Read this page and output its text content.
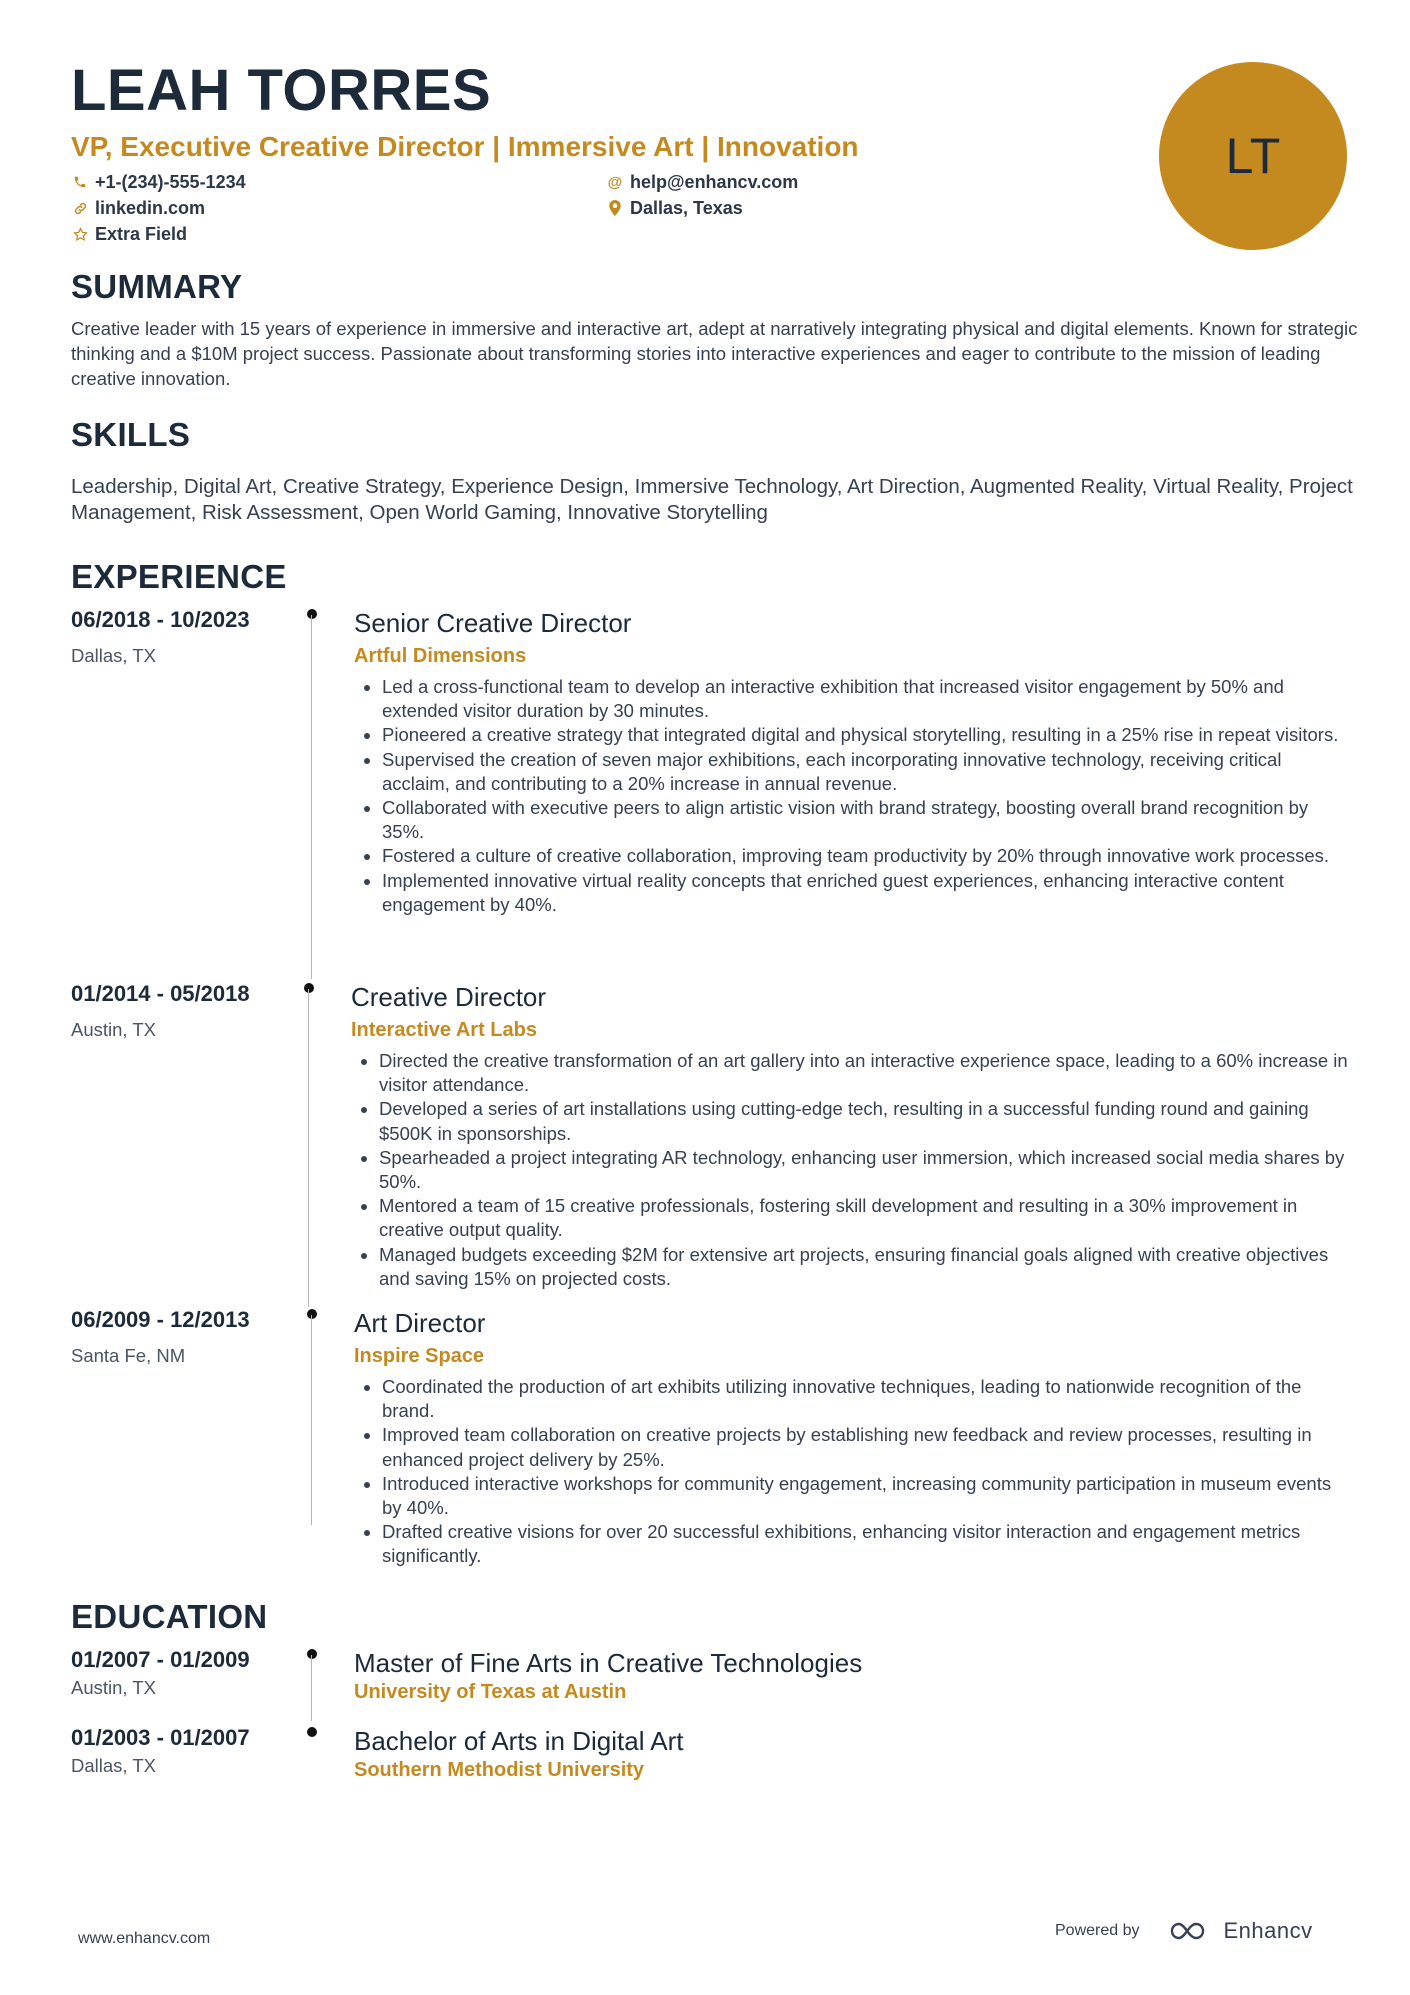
LEAH TORRES
VP, Executive Creative Director | Immersive Art | Innovation
+1-(234)-555-1234	@ help@enhancv.com
linkedin.com	Dallas, Texas
Extra Field
LT
SUMMARY
Creative leader with 15 years of experience in immersive and interactive art, adept at narratively integrating physical and digital elements. Known for strategic thinking and a $10M project success. Passionate about transforming stories into interactive experiences and eager to contribute to the mission of leading creative innovation.
SKILLS
Leadership, Digital Art, Creative Strategy, Experience Design, Immersive Technology, Art Direction, Augmented Reality, Virtual Reality, Project Management, Risk Assessment, Open World Gaming, Innovative Storytelling
EXPERIENCE
06/2018 - 10/2023
Dallas, TX
Senior Creative Director
Artful Dimensions
• Led a cross-functional team to develop an interactive exhibition that increased visitor engagement by 50% and extended visitor duration by 30 minutes.
• Pioneered a creative strategy that integrated digital and physical storytelling, resulting in a 25% rise in repeat visitors.
• Supervised the creation of seven major exhibitions, each incorporating innovative technology, receiving critical acclaim, and contributing to a 20% increase in annual revenue.
• Collaborated with executive peers to align artistic vision with brand strategy, boosting overall brand recognition by 35%.
• Fostered a culture of creative collaboration, improving team productivity by 20% through innovative work processes.
• Implemented innovative virtual reality concepts that enriched guest experiences, enhancing interactive content engagement by 40%.
01/2014 - 05/2018
Austin, TX
Creative Director
Interactive Art Labs
• Directed the creative transformation of an art gallery into an interactive experience space, leading to a 60% increase in visitor attendance.
• Developed a series of art installations using cutting-edge tech, resulting in a successful funding round and gaining $500K in sponsorships.
• Spearheaded a project integrating AR technology, enhancing user immersion, which increased social media shares by 50%.
• Mentored a team of 15 creative professionals, fostering skill development and resulting in a 30% improvement in creative output quality.
• Managed budgets exceeding $2M for extensive art projects, ensuring financial goals aligned with creative objectives and saving 15% on projected costs.
06/2009 - 12/2013
Santa Fe, NM
Art Director
Inspire Space
• Coordinated the production of art exhibits utilizing innovative techniques, leading to nationwide recognition of the brand.
• Improved team collaboration on creative projects by establishing new feedback and review processes, resulting in enhanced project delivery by 25%.
• Introduced interactive workshops for community engagement, increasing community participation in museum events by 40%.
• Drafted creative visions for over 20 successful exhibitions, enhancing visitor interaction and engagement metrics significantly.
EDUCATION
01/2007 - 01/2009
Austin, TX
Master of Fine Arts in Creative Technologies
University of Texas at Austin
01/2003 - 01/2007
Dallas, TX
Bachelor of Arts in Digital Art
Southern Methodist University
www.enhancv.com	Powered by	Enhancv
